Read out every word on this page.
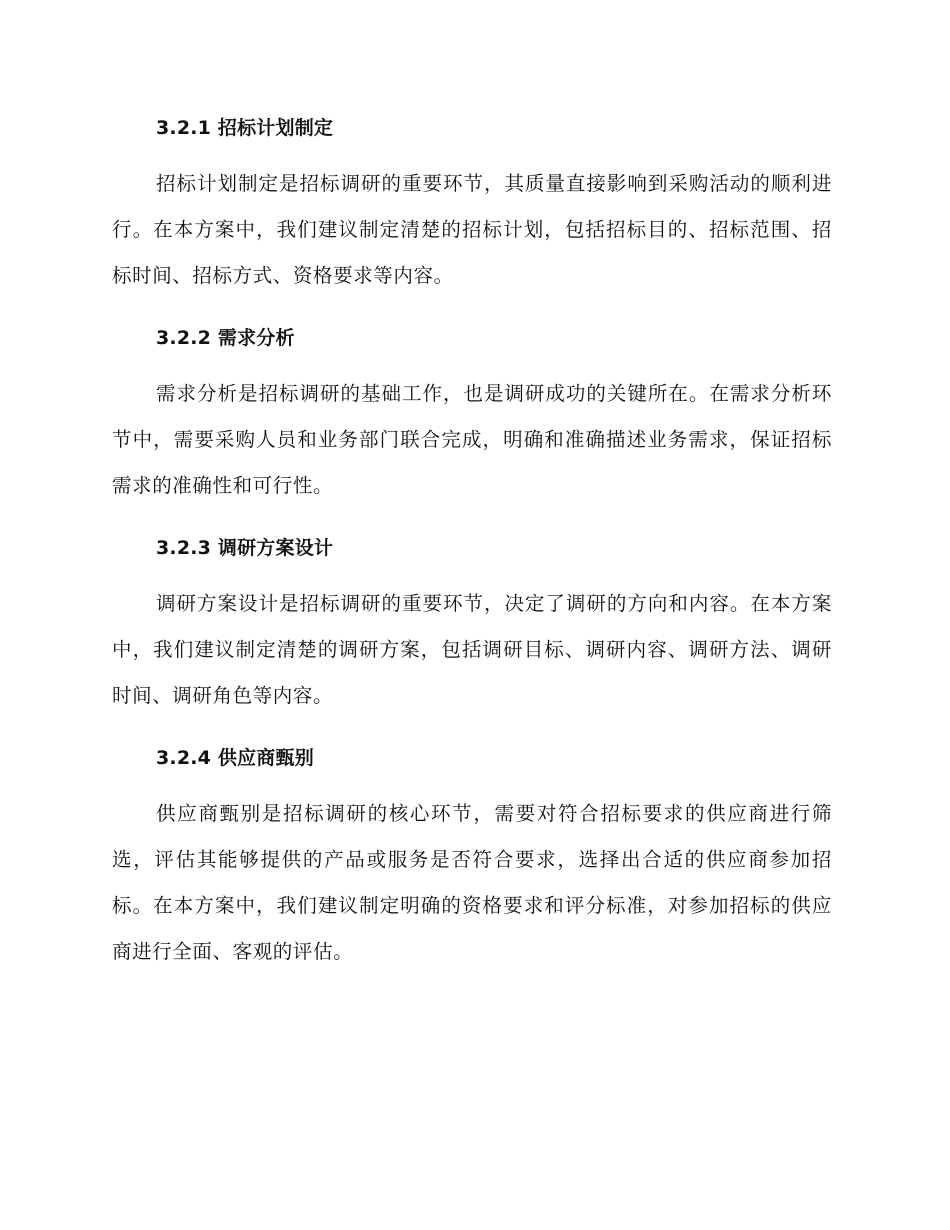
3.2.1 招标计划制定

招标计划制定是招标调研的重要环节，其质量直接影响到采购活动的顺利进行。在本方案中，我们建议制定清楚的招标计划，包括招标目的、招标范围、招标时间、招标方式、资格要求等内容。

3.2.2 需求分析

需求分析是招标调研的基础工作，也是调研成功的关键所在。在需求分析环节中，需要采购人员和业务部门联合完成，明确和准确描述业务需求，保证招标需求的准确性和可行性。

3.2.3 调研方案设计

调研方案设计是招标调研的重要环节，决定了调研的方向和内容。在本方案中，我们建议制定清楚的调研方案，包括调研目标、调研内容、调研方法、调研时间、调研角色等内容。

3.2.4 供应商甄别

供应商甄别是招标调研的核心环节，需要对符合招标要求的供应商进行筛选，评估其能够提供的产品或服务是否符合要求，选择出合适的供应商参加招标。在本方案中，我们建议制定明确的资格要求和评分标准，对参加招标的供应商进行全面、客观的评估。
